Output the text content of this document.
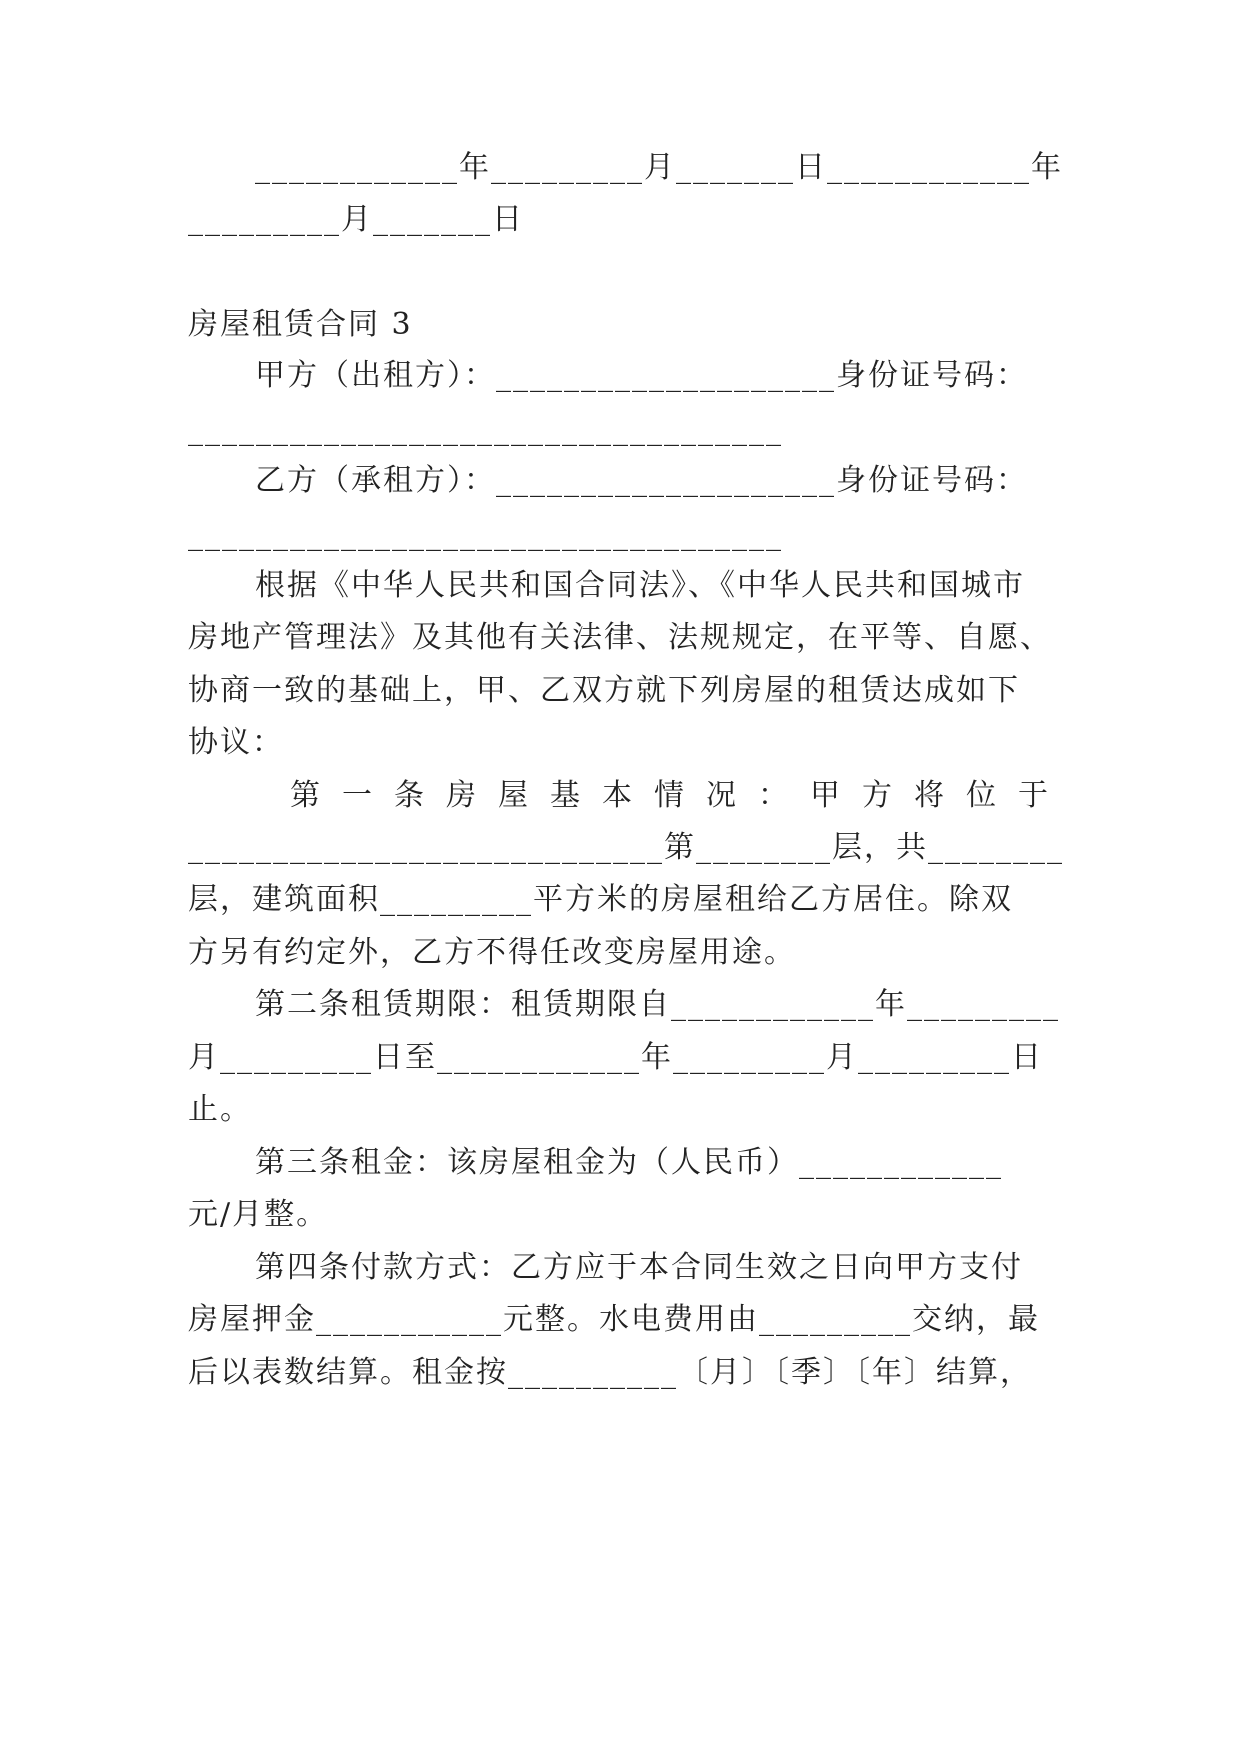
____________年_________月_______日____________年
_________月_______日
房屋租赁合同 3
甲方（出租方）：____________________身份证号码：
___________________________________
乙方（承租方）：____________________身份证号码：
___________________________________
根据《中华人民共和国合同法》、《中华人民共和国城市
房地产管理法》及其他有关法律、法规规定，在平等、自愿、
协商一致的基础上，甲、乙双方就下列房屋的租赁达成如下
协议：
第一条房屋基本情况：甲方将位于
____________________________第________层，共________
层，建筑面积_________平方米的房屋租给乙方居住。除双
方另有约定外，乙方不得任改变房屋用途。
第二条租赁期限：租赁期限自____________年_________
月_________日至____________年_________月_________日
止。
第三条租金：该房屋租金为（人民币）____________
元/月整。
第四条付款方式：乙方应于本合同生效之日向甲方支付
房屋押金___________元整。水电费用由_________交纳，最
后以表数结算。租金按__________〔月〕〔季〕〔年〕结算，
